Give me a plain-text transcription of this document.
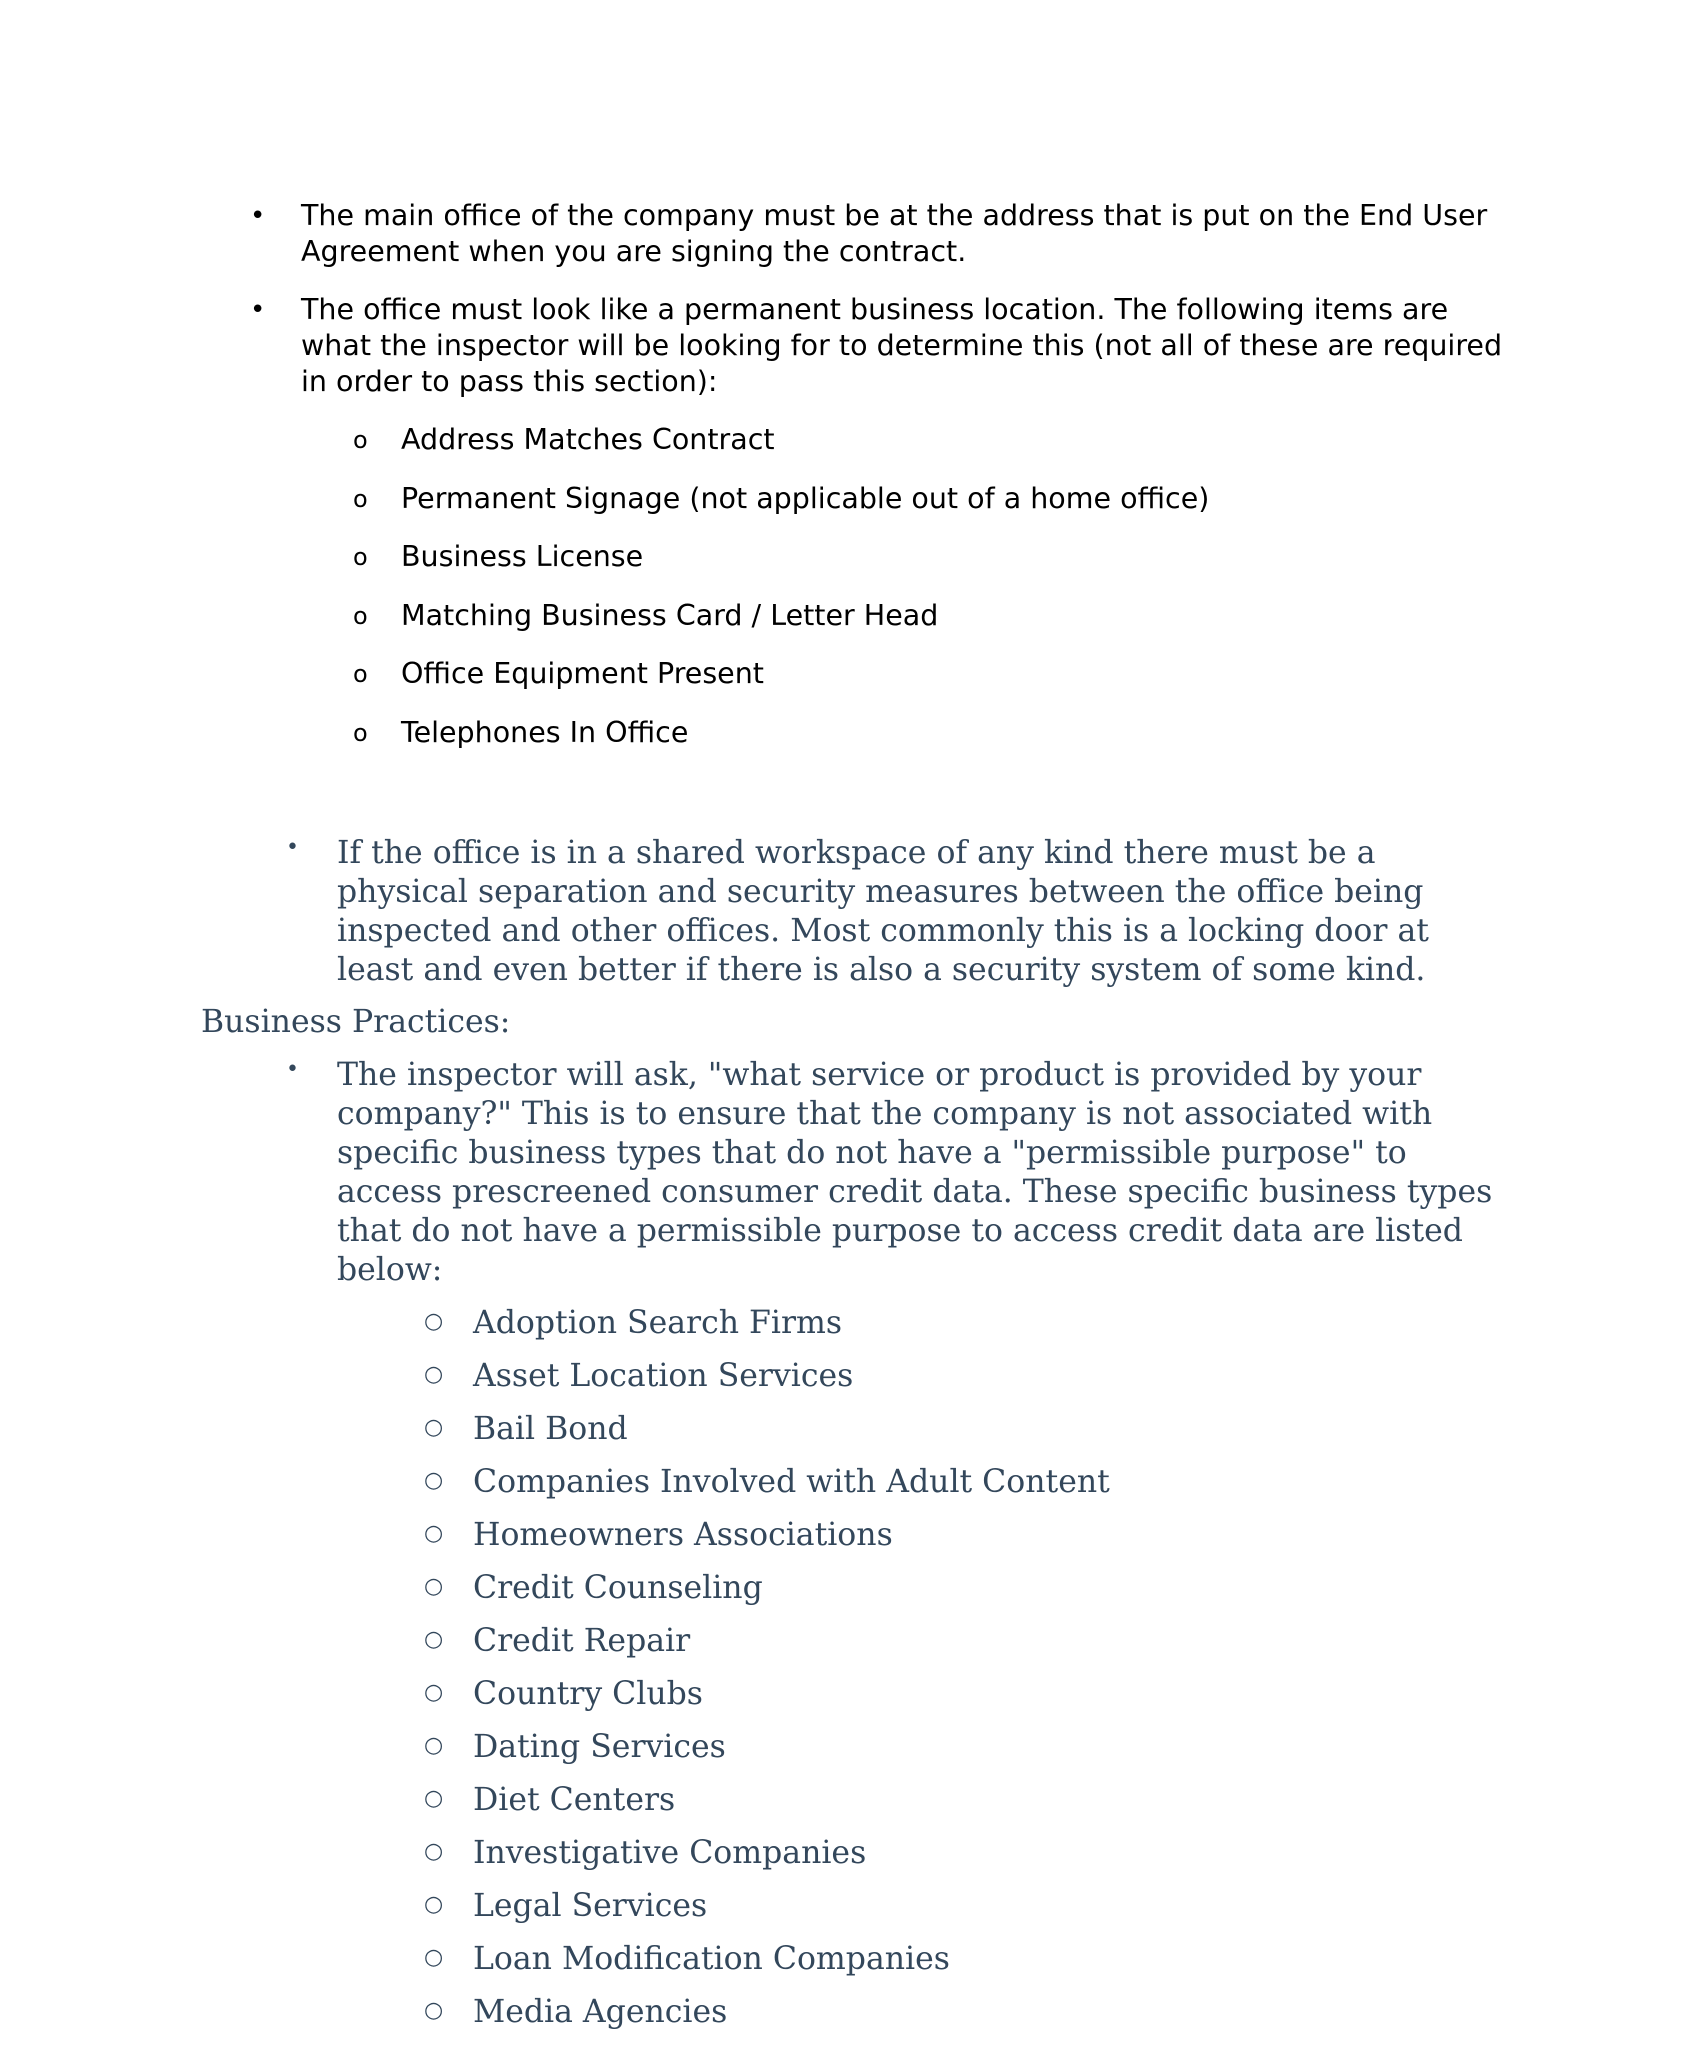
• The main office of the company must be at the address that is put on the End User Agreement when you are signing the contract.
• The office must look like a permanent business location. The following items are what the inspector will be looking for to determine this (not all of these are required in order to pass this section):
o Address Matches Contract
o Permanent Signage (not applicable out of a home office)
o Business License
o Matching Business Card / Letter Head
o Office Equipment Present
o Telephones In Office
• If the office is in a shared workspace of any kind there must be a physical separation and security measures between the office being inspected and other offices. Most commonly this is a locking door at least and even better if there is also a security system of some kind.
Business Practices:
• The inspector will ask, "what service or product is provided by your company?" This is to ensure that the company is not associated with specific business types that do not have a "permissible purpose" to access prescreened consumer credit data. These specific business types that do not have a permissible purpose to access credit data are listed below:
○ Adoption Search Firms
○ Asset Location Services
○ Bail Bond
○ Companies Involved with Adult Content
○ Homeowners Associations
○ Credit Counseling
○ Credit Repair
○ Country Clubs
○ Dating Services
○ Diet Centers
○ Investigative Companies
○ Legal Services
○ Loan Modification Companies
○ Media Agencies
